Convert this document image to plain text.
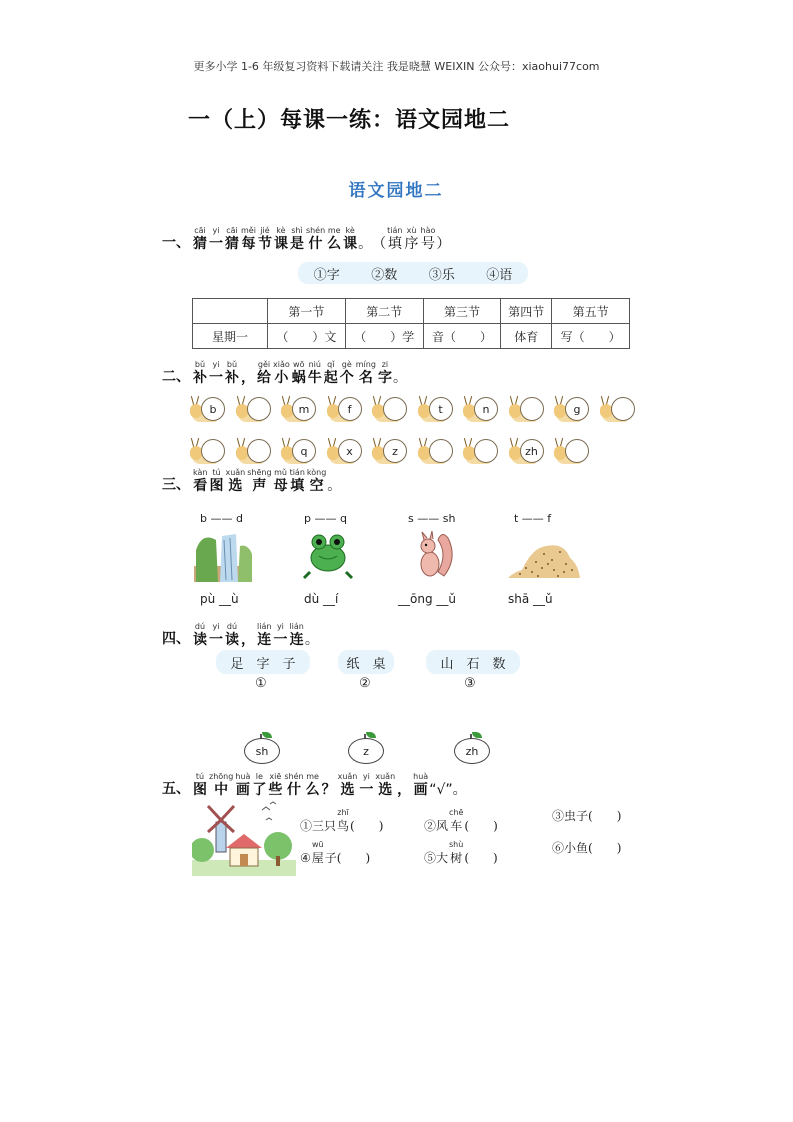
更多小学 1-6 年级复习资料下载请关注 我是晓慧 WEIXIN 公众号：xiaohui77com
一（上）每课一练：语文园地二
语文园地二
一、
cāi
猜
yi
一
cāi
猜
měi
每
jié
节
kè
课
shì
是
shén
什
me
么
kè
课 。 （
tián
填
xù
序
hào
号 ）
①字 ②数 ③乐 ④语
	第一节	第二节	第三节	第四节	第五节
星期一	（　　）文	（　　）学	音（　　）	体育	写（　　）
二、
bǔ
补
yi
一
bǔ
补 ，
gěi
给
xiǎo
小
wō
蜗
niú
牛
qǐ
起
gè
个
míng
名
zi
字 。
b	m	f	t	n	g
q	x	z	zh
三、
kàn
看
tú
图
xuǎn
选
shēng
声
mǔ
母
tián
填
kòng
空 。
b —— d	p —— q	s —— sh	t —— f
pù __ù	dù __í	__ōng __ǔ	shā __ǔ
四、
dú
读
yi
一
dú
读 ，
lián
连
yi
一
lián
连 。
足　字　子	纸　桌	山　石　数
①	②	③
sh	z	zh
五、
tú
图
zhōng
中
huà
画
le
了
xiē
些
shén
什
me
么 ？
xuǎn
选
yi
一
xuǎn
选 ，
huà
画 “√”。
①三只
zhī
鸟 (　　)	②风
chē
车 (　　)
③虫子 (　　)
④
wū
屋 子(　　)	⑤大
shù
树 (　　)
⑥小鱼 (　　)
